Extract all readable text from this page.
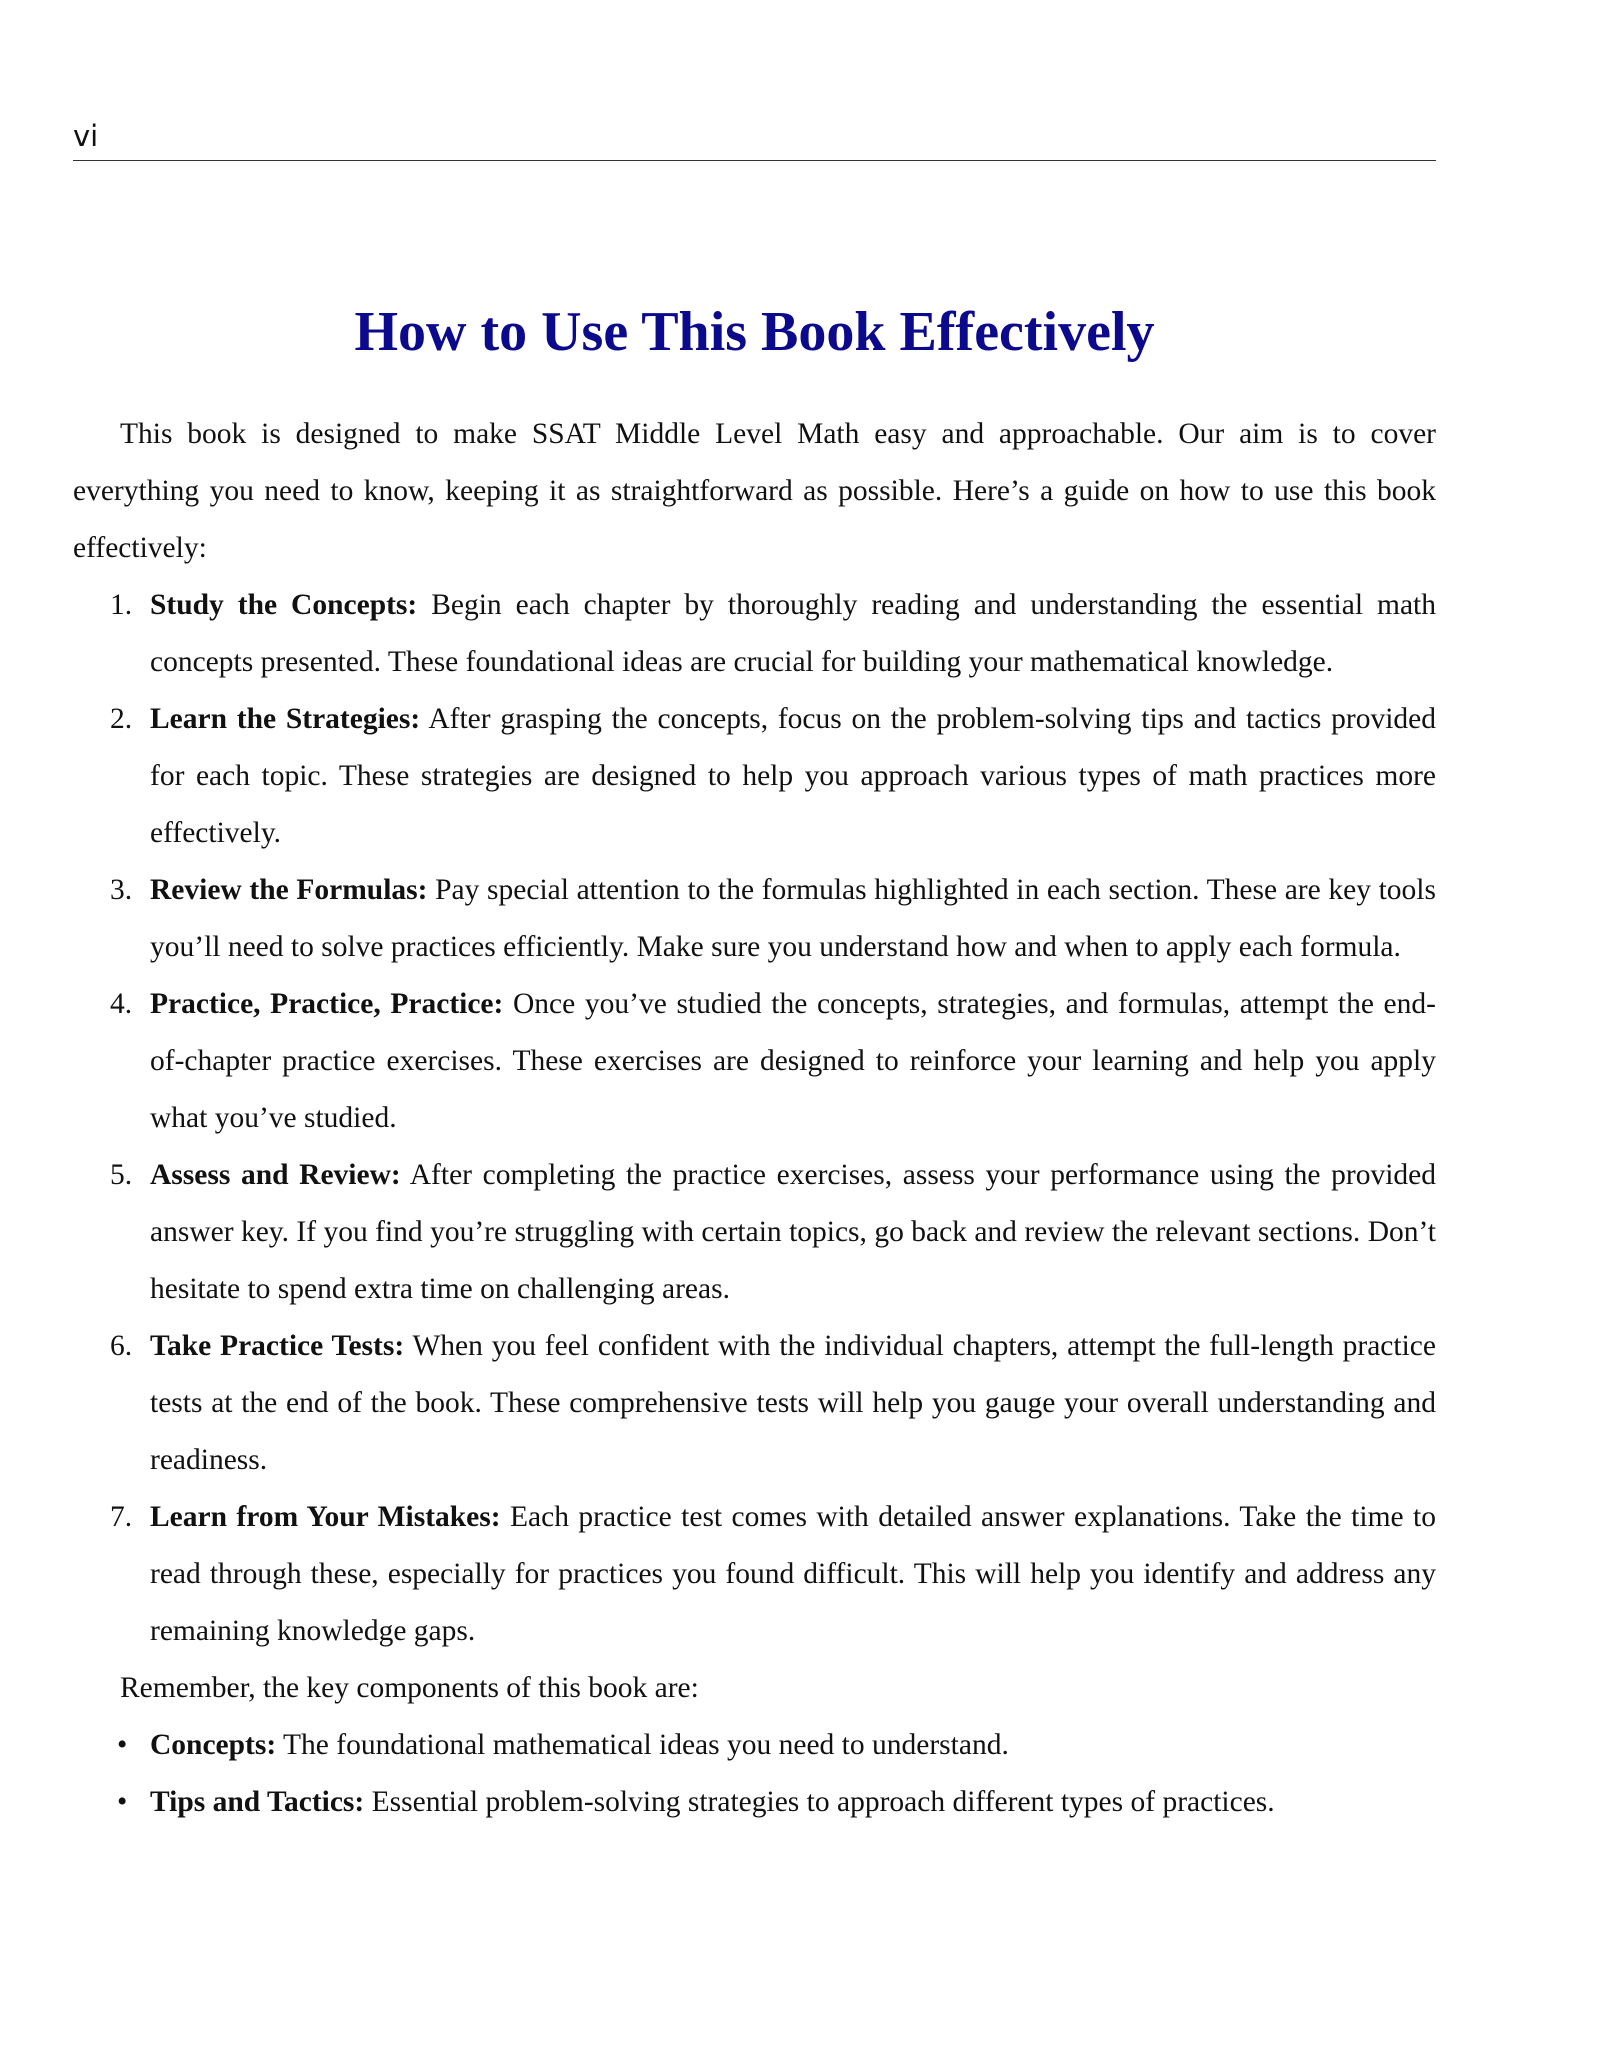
vi
How to Use This Book Effectively

This book is designed to make SSAT Middle Level Math easy and approachable. Our aim is to cover everything you need to know, keeping it as straightforward as possible. Here’s a guide on how to use this book effectively:

1. Study the Concepts: Begin each chapter by thoroughly reading and understanding the essential math concepts presented. These foundational ideas are crucial for building your mathematical knowledge.
2. Learn the Strategies: After grasping the concepts, focus on the problem-solving tips and tactics provided for each topic. These strategies are designed to help you approach various types of math practices more effectively.
3. Review the Formulas: Pay special attention to the formulas highlighted in each section. These are key tools you’ll need to solve practices efficiently. Make sure you understand how and when to apply each formula.
4. Practice, Practice, Practice: Once you’ve studied the concepts, strategies, and formulas, attempt the end-of-chapter practice exercises. These exercises are designed to reinforce your learning and help you apply what you’ve studied.
5. Assess and Review: After completing the practice exercises, assess your performance using the provided answer key. If you find you’re struggling with certain topics, go back and review the relevant sections. Don’t hesitate to spend extra time on challenging areas.
6. Take Practice Tests: When you feel confident with the individual chapters, attempt the full-length practice tests at the end of the book. These comprehensive tests will help you gauge your overall understanding and readiness.
7. Learn from Your Mistakes: Each practice test comes with detailed answer explanations. Take the time to read through these, especially for practices you found difficult. This will help you identify and address any remaining knowledge gaps.

Remember, the key components of this book are:

• Concepts: The foundational mathematical ideas you need to understand.
• Tips and Tactics: Essential problem-solving strategies to approach different types of practices.
